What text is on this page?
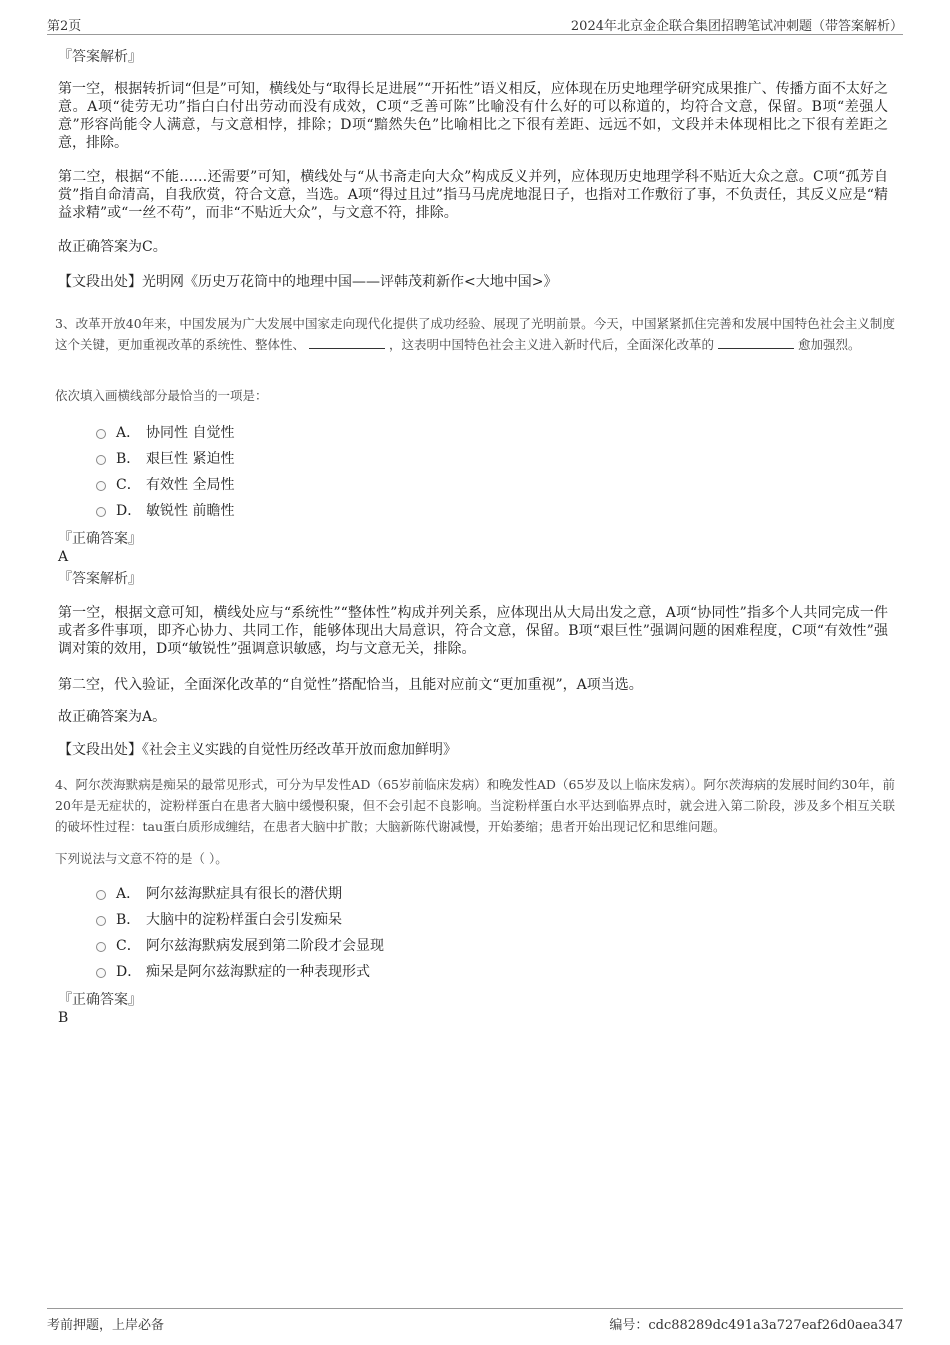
第2页	2024年北京金企联合集团招聘笔试冲刺题（带答案解析）
『答案解析』
第一空，根据转折词“但是”可知，横线处与“取得长足进展”“开拓性”语义相反，应体现在历史地理学研究成果推广、传播方面不太好之意。A项“徒劳无功”指白白付出劳动而没有成效，C项“乏善可陈”比喻没有什么好的可以称道的，均符合文意，保留。B项“差强人意”形容尚能令人满意，与文意相悖，排除；D项“黯然失色”比喻相比之下很有差距、远远不如，文段并未体现相比之下很有差距之意，排除。
第二空，根据“不能……还需要”可知，横线处与“从书斋走向大众”构成反义并列，应体现历史地理学科不贴近大众之意。C项“孤芳自赏”指自命清高，自我欣赏，符合文意，当选。A项“得过且过”指马马虎虎地混日子，也指对工作敷衍了事，不负责任，其反义应是“精益求精”或“一丝不苟”，而非“不贴近大众”，与文意不符，排除。
故正确答案为C。
【文段出处】光明网《历史万花筒中的地理中国——评韩茂莉新作<大地中国>》
3、改革开放40年来，中国发展为广大发展中国家走向现代化提供了成功经验、展现了光明前景。今天，中国紧紧抓住完善和发展中国特色社会主义制度这个关键，更加重视改革的系统性、整体性、	，这表明中国特色社会主义进入新时代后，全面深化改革的	愈加强烈。
依次填入画横线部分最恰当的一项是：
A． 协同性 自觉性
B． 艰巨性 紧迫性
C． 有效性 全局性
D． 敏锐性 前瞻性
『正确答案』
A
『答案解析』
第一空，根据文意可知，横线处应与“系统性”“整体性”构成并列关系，应体现出从大局出发之意，A项“协同性”指多个人共同完成一件或者多件事项，即齐心协力、共同工作，能够体现出大局意识，符合文意，保留。B项“艰巨性”强调问题的困难程度，C项“有效性”强调对策的效用，D项“敏锐性”强调意识敏感，均与文意无关，排除。
第二空，代入验证，全面深化改革的“自觉性”搭配恰当，且能对应前文“更加重视”，A项当选。
故正确答案为A。
【文段出处】《社会主义实践的自觉性历经改革开放而愈加鲜明》
4、阿尔茨海默病是痴呆的最常见形式，可分为早发性AD（65岁前临床发病）和晚发性AD（65岁及以上临床发病）。阿尔茨海病的发展时间约30年，前20年是无症状的，淀粉样蛋白在患者大脑中缓慢积聚，但不会引起不良影响。当淀粉样蛋白水平达到临界点时，就会进入第二阶段，涉及多个相互关联的破坏性过程：tau蛋白质形成缠结，在患者大脑中扩散；大脑新陈代谢减慢，开始萎缩；患者开始出现记忆和思维问题。
下列说法与文意不符的是（ ）。
A． 阿尔兹海默症具有很长的潜伏期
B． 大脑中的淀粉样蛋白会引发痴呆
C． 阿尔兹海默病发展到第二阶段才会显现
D． 痴呆是阿尔兹海默症的一种表现形式
『正确答案』
B
考前押题，上岸必备	编号：cdc88289dc491a3a727eaf26d0aea347
